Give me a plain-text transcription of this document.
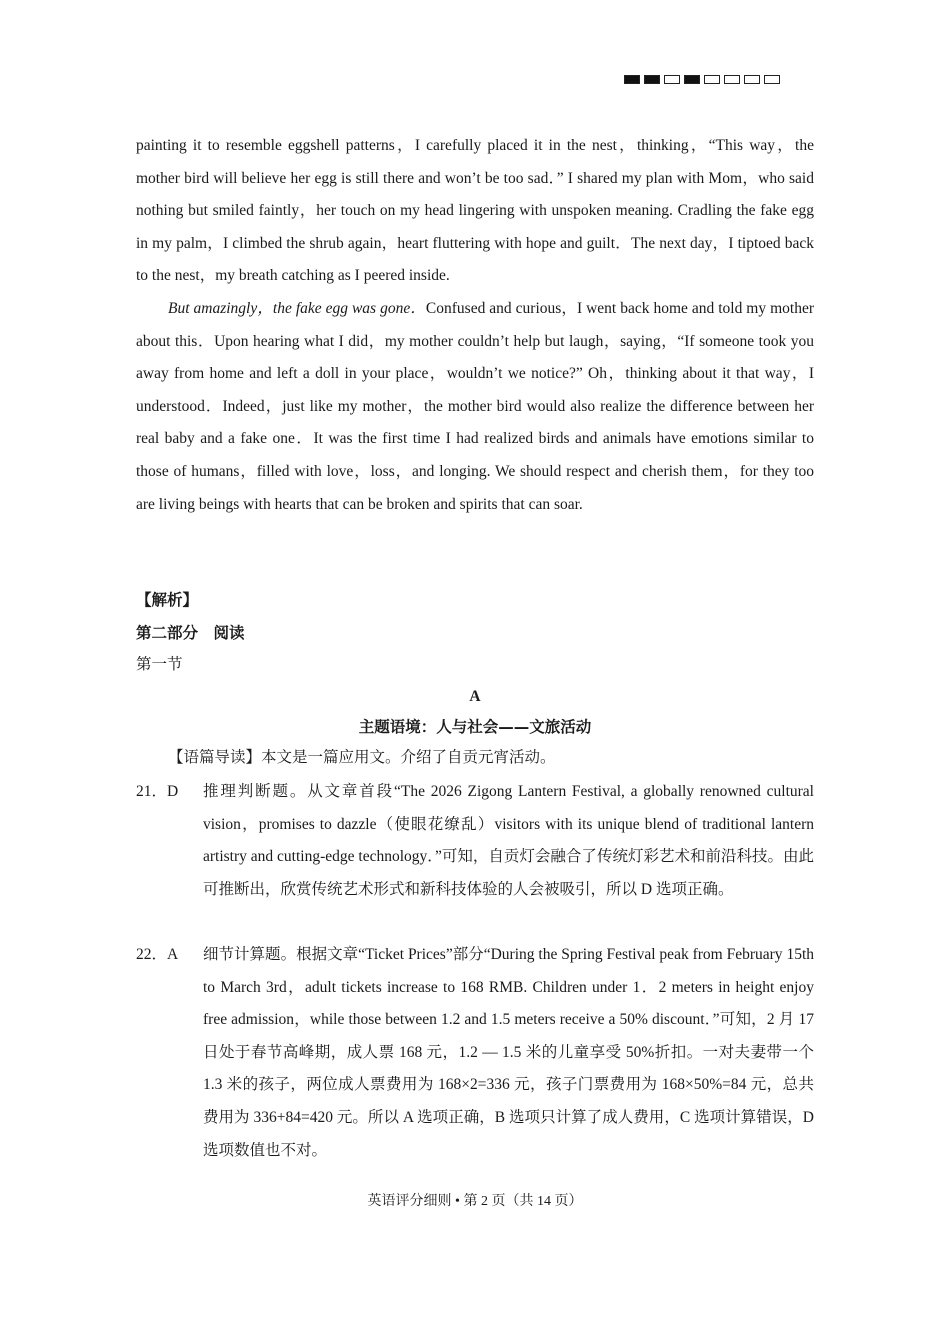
painting it to resemble eggshell patterns，I carefully placed it in the nest，thinking，“This way，the mother bird will believe her egg is still there and won’t be too sad．” I shared my plan with Mom，who said nothing but smiled faintly，her touch on my head lingering with unspoken meaning. Cradling the fake egg in my palm，I climbed the shrub again，heart fluttering with hope and guilt．The next day，I tiptoed back to the nest，my breath catching as I peered inside.

But amazingly，the fake egg was gone．Confused and curious，I went back home and told my mother about this．Upon hearing what I did，my mother couldn’t help but laugh，saying，“If someone took you away from home and left a doll in your place，wouldn’t we notice?” Oh，thinking about it that way，I understood．Indeed，just like my mother，the mother bird would also realize the difference between her real baby and a fake one．It was the first time I had realized birds and animals have emotions similar to those of humans，filled with love，loss，and longing. We should respect and cherish them，for they too are living beings with hearts that can be broken and spirits that can soar.

【解析】
第二部分　阅读
第一节
A
主题语境：人与社会——文旅活动
【语篇导读】本文是一篇应用文。介绍了自贡元宵活动。
21．D 推理判断题。从文章首段“The 2026 Zigong Lantern Festival, a globally renowned cultural vision，promises to dazzle（使眼花缭乱）visitors with its unique blend of traditional lantern artistry and cutting-edge technology．”可知，自贡灯会融合了传统灯彩艺术和前沿科技。由此可推断出，欣赏传统艺术形式和新科技体验的人会被吸引，所以 D 选项正确。
22．A 细节计算题。根据文章“Ticket Prices”部分“During the Spring Festival peak from February 15th to March 3rd，adult tickets increase to 168 RMB. Children under 1．2 meters in height enjoy free admission，while those between 1.2 and 1.5 meters receive a 50% discount．”可知，2 月 17 日处于春节高峰期，成人票 168 元，1.2 — 1.5 米的儿童享受 50%折扣。一对夫妻带一个 1.3 米的孩子，两位成人票费用为 168×2=336 元，孩子门票费用为 168×50%=84 元，总共费用为 336+84=420 元。所以 A 选项正确，B 选项只计算了成人费用，C 选项计算错误，D 选项数值也不对。
英语评分细则 • 第 2 页（共 14 页）
